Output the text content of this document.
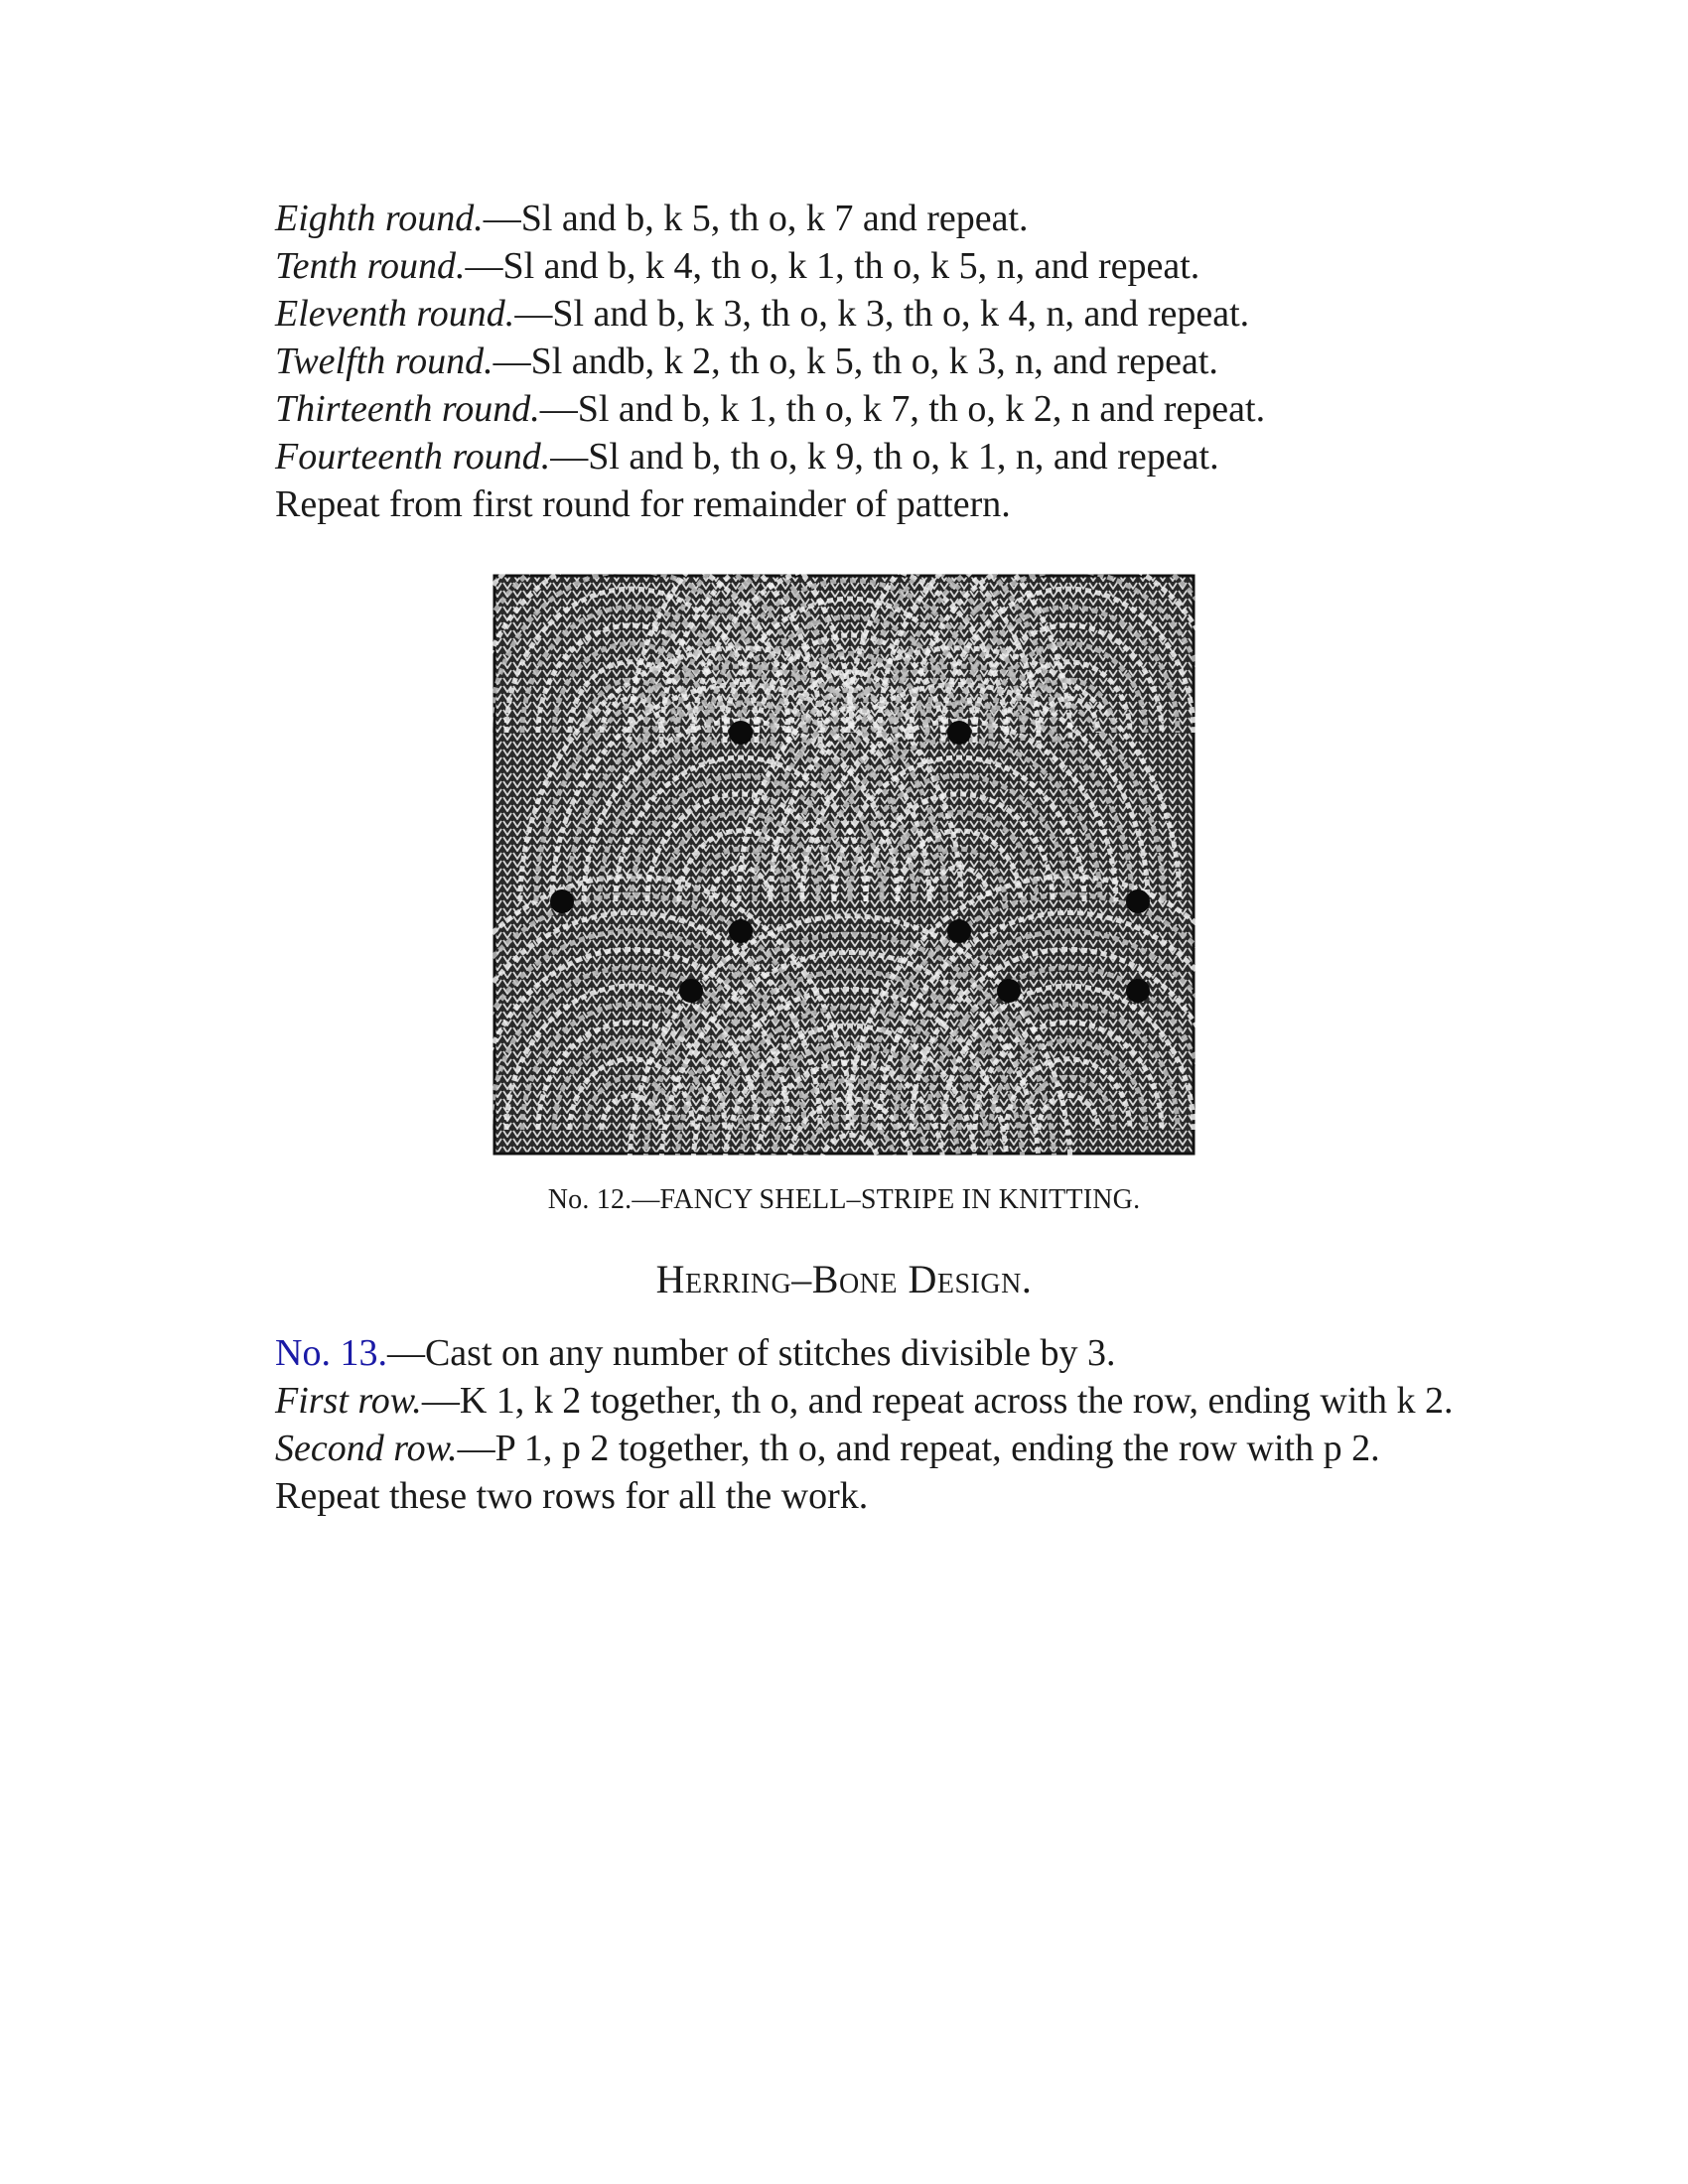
Eighth round.—Sl and b, k 5, th o, k 7 and repeat.
Tenth round.—Sl and b, k 4, th o, k 1, th o, k 5, n, and repeat.
Eleventh round.—Sl and b, k 3, th o, k 3, th o, k 4, n, and repeat.
Twelfth round.—Sl andb, k 2, th o, k 5, th o, k 3, n, and repeat.
Thirteenth round.—Sl and b, k 1, th o, k 7, th o, k 2, n and repeat.
Fourteenth round.—Sl and b, th o, k 9, th o, k 1, n, and repeat.
Repeat from first round for remainder of pattern.
No. 12.—FANCY SHELL–STRIPE IN KNITTING.
Herring–Bone Design.

No. 13.—Cast on any number of stitches divisible by 3.

First row.—K 1, k 2 together, th o, and repeat across the row, ending with k 2.

Second row.—P 1, p 2 together, th o, and repeat, ending the row with p 2.

Repeat these two rows for all the work.
